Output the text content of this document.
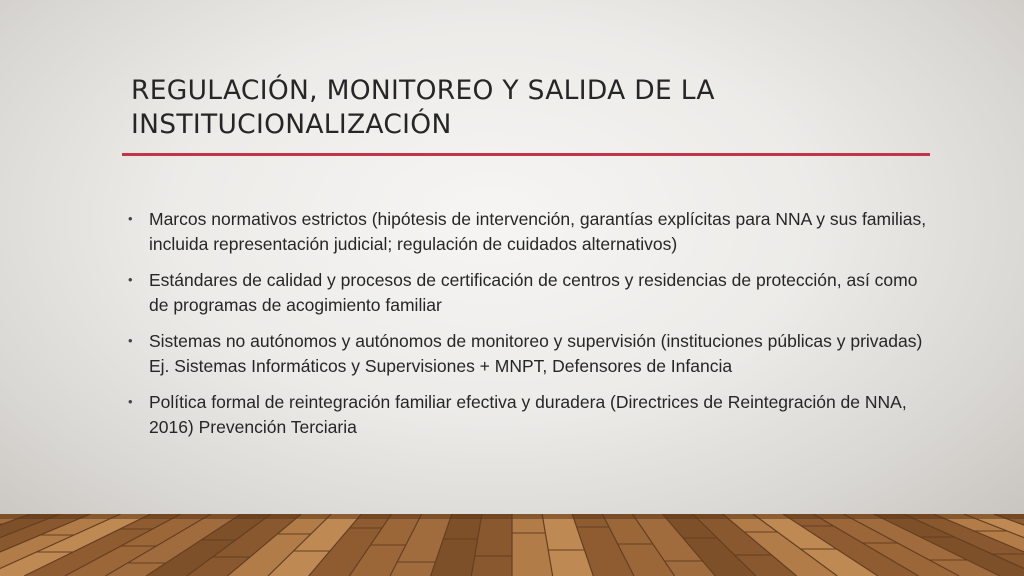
REGULACIÓN, MONITOREO Y SALIDA DE LA
INSTITUCIONALIZACIÓN
• Marcos normativos estrictos (hipótesis de intervención, garantías explícitas para NNA y sus familias, incluida representación judicial; regulación de cuidados alternativos)
• Estándares de calidad y procesos de certificación de centros y residencias de protección, así como de programas de acogimiento familiar
• Sistemas no autónomos y autónomos de monitoreo y supervisión (instituciones públicas y privadas) Ej. Sistemas Informáticos y Supervisiones + MNPT, Defensores de Infancia
• Política formal de reintegración familiar efectiva y duradera (Directrices de Reintegración de NNA, 2016) Prevención Terciaria
